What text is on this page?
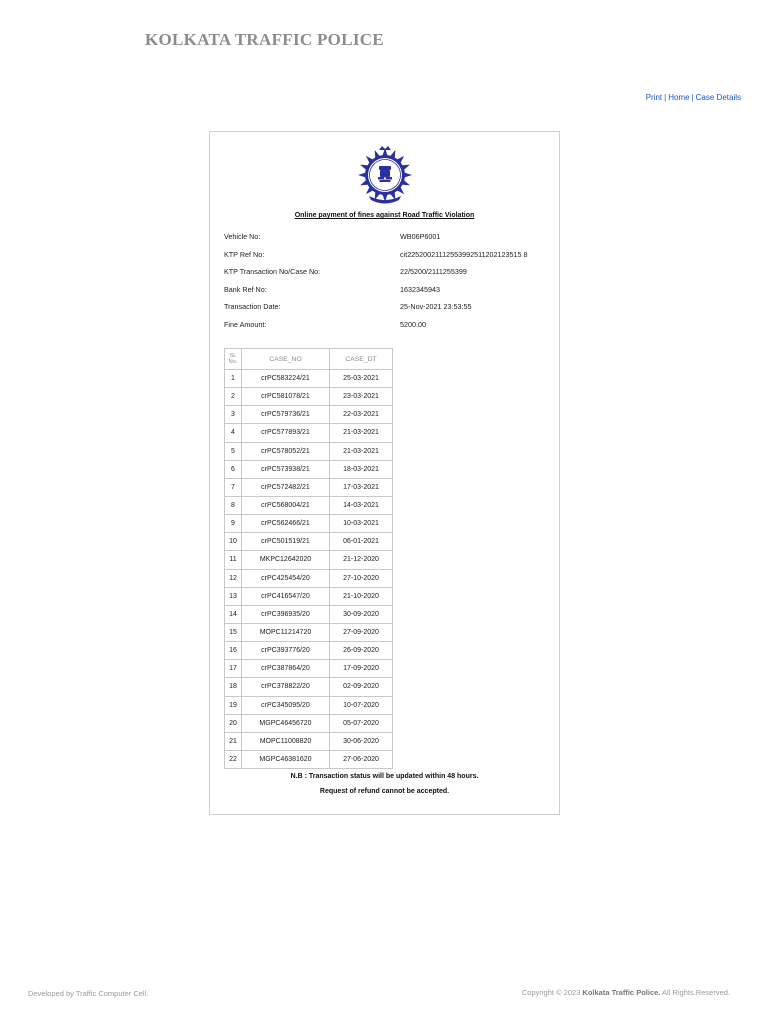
KOLKATA TRAFFIC POLICE
Print | Home | Case Details
Online payment of fines against Road Traffic Violation
Vehicle No:	WB06P6001
KTP Ref No:	cit22520021112553992511202123515 8
KTP Transaction No/Case No:	22/5200/2111255399
Bank Ref No:	1632345943
Transaction Date:	25-Nov-2021 23:53:55
Fine Amount:	5200.00
SL No.	CASE_NO	CASE_DT
1	crPC583224/21	25-03-2021
2	crPC581078/21	23-03-2021
3	crPC579736/21	22-03-2021
4	crPC577893/21	21-03-2021
5	crPC578052/21	21-03-2021
6	crPC573938/21	18-03-2021
7	crPC572482/21	17-03-2021
8	crPC568004/21	14-03-2021
9	crPC562466/21	10-03-2021
10	crPC501519/21	06-01-2021
11	MKPC12642020	21-12-2020
12	crPC425454/20	27-10-2020
13	crPC416547/20	21-10-2020
14	crPC396935/20	30-09-2020
15	MOPC11214720	27-09-2020
16	crPC393776/20	26-09-2020
17	crPC387864/20	17-09-2020
18	crPC378822/20	02-09-2020
19	crPC345095/20	10-07-2020
20	MGPC46456720	05-07-2020
21	MOPC11008820	30-06-2020
22	MGPC46381620	27-06-2020
N.B : Transaction status will be updated within 48 hours.
Request of refund cannot be accepted.
Developed by Traffic Computer Cell.	Copyright © 2023 Kolkata Traffic Police. All Rights Reserved.
